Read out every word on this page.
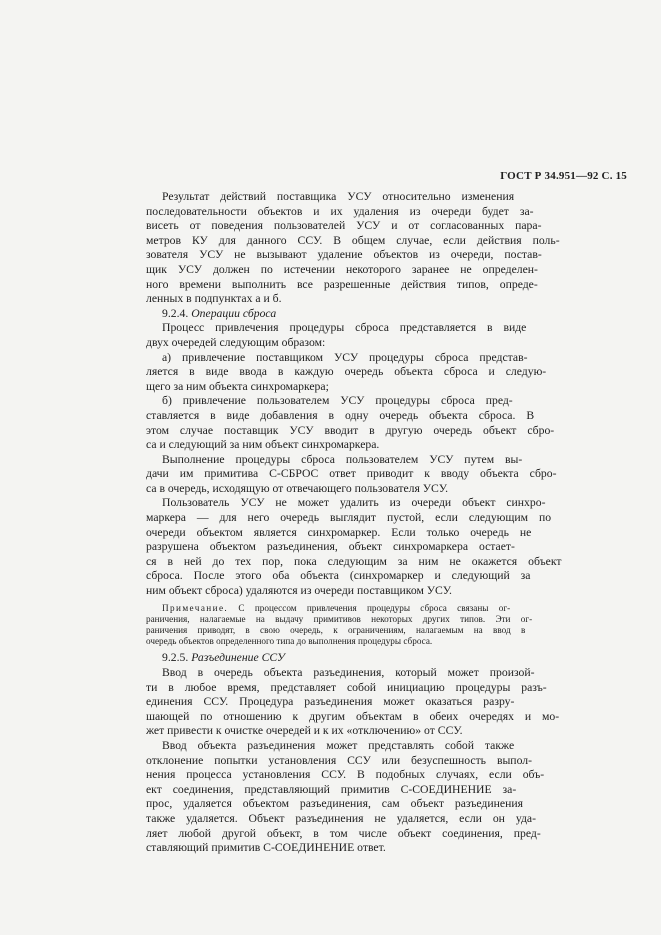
ГОСТ Р 34.951—92 С. 15

Результат действий поставщика УСУ относительно изменения
последовательности объектов и их удаления из очереди будет за-
висеть от поведения пользователей УСУ и от согласованных пара-
метров КУ для данного ССУ. В общем случае, если действия поль-
зователя УСУ не вызывают удаление объектов из очереди, постав-
щик УСУ должен по истечении некоторого заранее не определен-
ного времени выполнить все разрешенные действия типов, опреде-
ленных в подпунктах а и б.

9.2.4. Операции сброса

Процесс привлечения процедуры сброса представляется в виде
двух очередей следующим образом:

а) привлечение поставщиком УСУ процедуры сброса представ-
ляется в виде ввода в каждую очередь объекта сброса и следую-
щего за ним объекта синхромаркера;

б) привлечение пользователем УСУ процедуры сброса пред-
ставляется в виде добавления в одну очередь объекта сброса. В
этом случае поставщик УСУ вводит в другую очередь объект сбро-
са и следующий за ним объект синхромаркера.

Выполнение процедуры сброса пользователем УСУ путем вы-
дачи им примитива С-СБРОС ответ приводит к вводу объекта сбро-
са в очередь, исходящую от отвечающего пользователя УСУ.

Пользователь УСУ не может удалить из очереди объект синхро-
маркера — для него очередь выглядит пустой, если следующим по
очереди объектом является синхромаркер. Если только очередь не
разрушена объектом разъединения, объект синхромаркера остает-
ся в ней до тех пор, пока следующим за ним не окажется объект
сброса. После этого оба объекта (синхромаркер и следующий за
ним объект сброса) удаляются из очереди поставщиком УСУ.

Примечание. С процессом привлечения процедуры сброса связаны ог-
раничения, налагаемые на выдачу примитивов некоторых других типов. Эти ог-
раничения приводят, в свою очередь, к ограничениям, налагаемым на ввод в
очередь объектов определенного типа до выполнения процедуры сброса.
9.2.5. Разъединение ССУ

Ввод в очередь объекта разъединения, который может произой-
ти в любое время, представляет собой инициацию процедуры разъ-
единения ССУ. Процедура разъединения может оказаться разру-
шающей по отношению к другим объектам в обеих очередях и мо-
жет привести к очистке очередей и к их «отключению» от ССУ.

Ввод объекта разъединения может представлять собой также
отклонение попытки установления ССУ или безуспешность выпол-
нения процесса установления ССУ. В подобных случаях, если объ-
ект соединения, представляющий примитив С-СОЕДИНЕНИЕ за-
прос, удаляется объектом разъединения, сам объект разъединения
также удаляется. Объект разъединения не удаляется, если он уда-
ляет любой другой объект, в том числе объект соединения, пред-
ставляющий примитив С-СОЕДИНЕНИЕ ответ.
